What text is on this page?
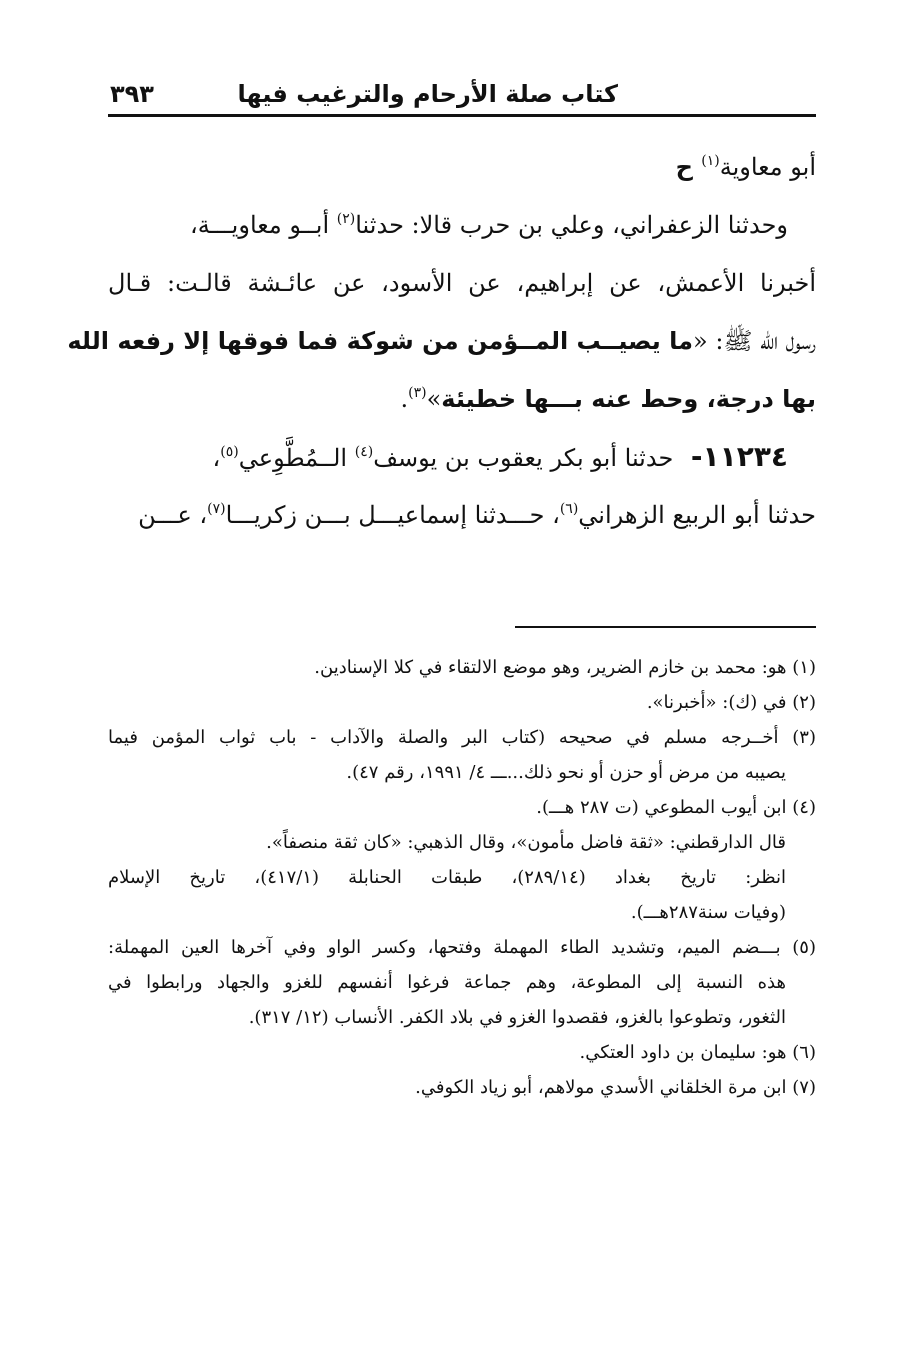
كتاب صلة الأرحام والترغيب فيها
٣٩٣
أبو معاوية$^{(١)}$ ح
وحدثنا الزعفراني، وعلي بن حرب قالا: حدثنا$^{(٢)}$ أبــو معاويـــة،
أخبرنا الأعمش، عن إبراهيم، عن الأسود، عن عائـشة قالـت: قـال
رسول الله ﷺ: «ما يصيــب المــؤمن من شوكة فما فوقها إلا رفعه الله
بها درجة، وحط عنه بـــها خطيئة»$^{(٣)}$.
١١٢٣٤- حدثنا أبو بكر يعقوب بن يوسف$^{(٤)}$ الــمُطَّوِعي$^{(٥)}$،
حدثنا أبو الربيع الزهراني$^{(٦)}$، حـــدثنا إسماعيـــل بـــن زكريـــا$^{(٧)}$، عـــن
(١) هو: محمد بن خازم الضرير، وهو موضع الالتقاء في كلا الإسنادين.
(٢) في (ك): «أخبرنا».
(٣) أخــرجه مسلم في صحيحه (كتاب البر والصلة والآداب - باب ثواب المؤمن فيما
يصيبه من مرض أو حزن أو نحو ذلك...ـــ ٤/ ١٩٩١، رقم ٤٧).
(٤) ابن أيوب المطوعي (ت ٢٨٧ هـــ).
قال الدارقطني: «ثقة فاضل مأمون»، وقال الذهبي: «كان ثقة منصفاً».
انظر: تاريخ بغداد (٢٨٩/١٤)، طبقات الحنابلة (٤١٧/١)، تاريخ الإسلام
(وفيات سنة٢٨٧هـــ).
(٥) بـــضم الميم، وتشديد الطاء المهملة وفتحها، وكسر الواو وفي آخرها العين المهملة:
هذه النسبة إلى المطوعة، وهم جماعة فرغوا أنفسهم للغزو والجهاد ورابطوا في
الثغور، وتطوعوا بالغزو، فقصدوا الغزو في بلاد الكفر. الأنساب (١٢/ ٣١٧).
(٦) هو: سليمان بن داود العتكي.
(٧) ابن مرة الخلقاني الأسدي مولاهم، أبو زياد الكوفي.
